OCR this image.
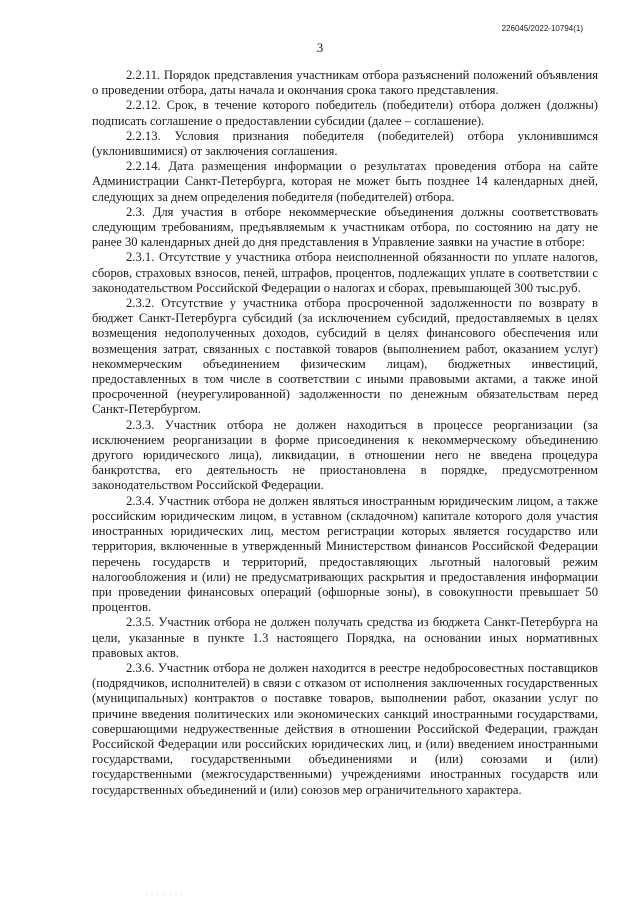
226045/2022-10794(1)
3

2.2.11. Порядок представления участникам отбора разъяснений положений объявления о проведении отбора, даты начала и окончания срока такого представления.

2.2.12. Срок, в течение которого победитель (победители) отбора должен (должны) подписать соглашение о предоставлении субсидии (далее – соглашение).

2.2.13. Условия признания победителя (победителей) отбора уклонившимся (уклонившимися) от заключения соглашения.

2.2.14. Дата размещения информации о результатах проведения отбора на сайте Администрации Санкт-Петербурга, которая не может быть позднее 14 календарных дней, следующих за днем определения победителя (победителей) отбора.

2.3. Для участия в отборе некоммерческие объединения должны соответствовать следующим требованиям, предъявляемым к участникам отбора, по состоянию на дату не ранее 30 календарных дней до дня представления в Управление заявки на участие в отборе:

2.3.1. Отсутствие у участника отбора неисполненной обязанности по уплате налогов, сборов, страховых взносов, пеней, штрафов, процентов, подлежащих уплате в соответствии с законодательством Российской Федерации о налогах и сборах, превышающей 300 тыс.руб.

2.3.2. Отсутствие у участника отбора просроченной задолженности по возврату в бюджет Санкт-Петербурга субсидий (за исключением субсидий, предоставляемых в целях возмещения недополученных доходов, субсидий в целях финансового обеспечения или возмещения затрат, связанных с поставкой товаров (выполнением работ, оказанием услуг) некоммерческим объединением физическим лицам), бюджетных инвестиций, предоставленных в том числе в соответствии с иными правовыми актами, а также иной просроченной (неурегулированной) задолженности по денежным обязательствам перед Санкт-Петербургом.

2.3.3. Участник отбора не должен находиться в процессе реорганизации (за исключением реорганизации в форме присоединения к некоммерческому объединению другого юридического лица), ликвидации, в отношении него не введена процедура банкротства, его деятельность не приостановлена в порядке, предусмотренном законодательством Российской Федерации.

2.3.4. Участник отбора не должен являться иностранным юридическим лицом, а также российским юридическим лицом, в уставном (складочном) капитале которого доля участия иностранных юридических лиц, местом регистрации которых является государство или территория, включенные в утвержденный Министерством финансов Российской Федерации перечень государств и территорий, предоставляющих льготный налоговый режим налогообложения и (или) не предусматривающих раскрытия и предоставления информации при проведении финансовых операций (офшорные зоны), в совокупности превышает 50 процентов.

2.3.5. Участник отбора не должен получать средства из бюджета Санкт-Петербурга на цели, указанные в пункте 1.3 настоящего Порядка, на основании иных нормативных правовых актов.

2.3.6. Участник отбора не должен находится в реестре недобросовестных поставщиков (подрядчиков, исполнителей) в связи с отказом от исполнения заключенных государственных (муниципальных) контрактов о поставке товаров, выполнении работ, оказании услуг по причине введения политических или экономических санкций иностранными государствами, совершающими недружественные действия в отношении Российской Федерации, граждан Российской Федерации или российских юридических лиц, и (или) введением иностранными государствами, государственными объединениями и (или) союзами и (или) государственными (межгосударственными) учреждениями иностранных государств или государственных объединений и (или) союзов мер ограничительного характера.

. . . . . . .
